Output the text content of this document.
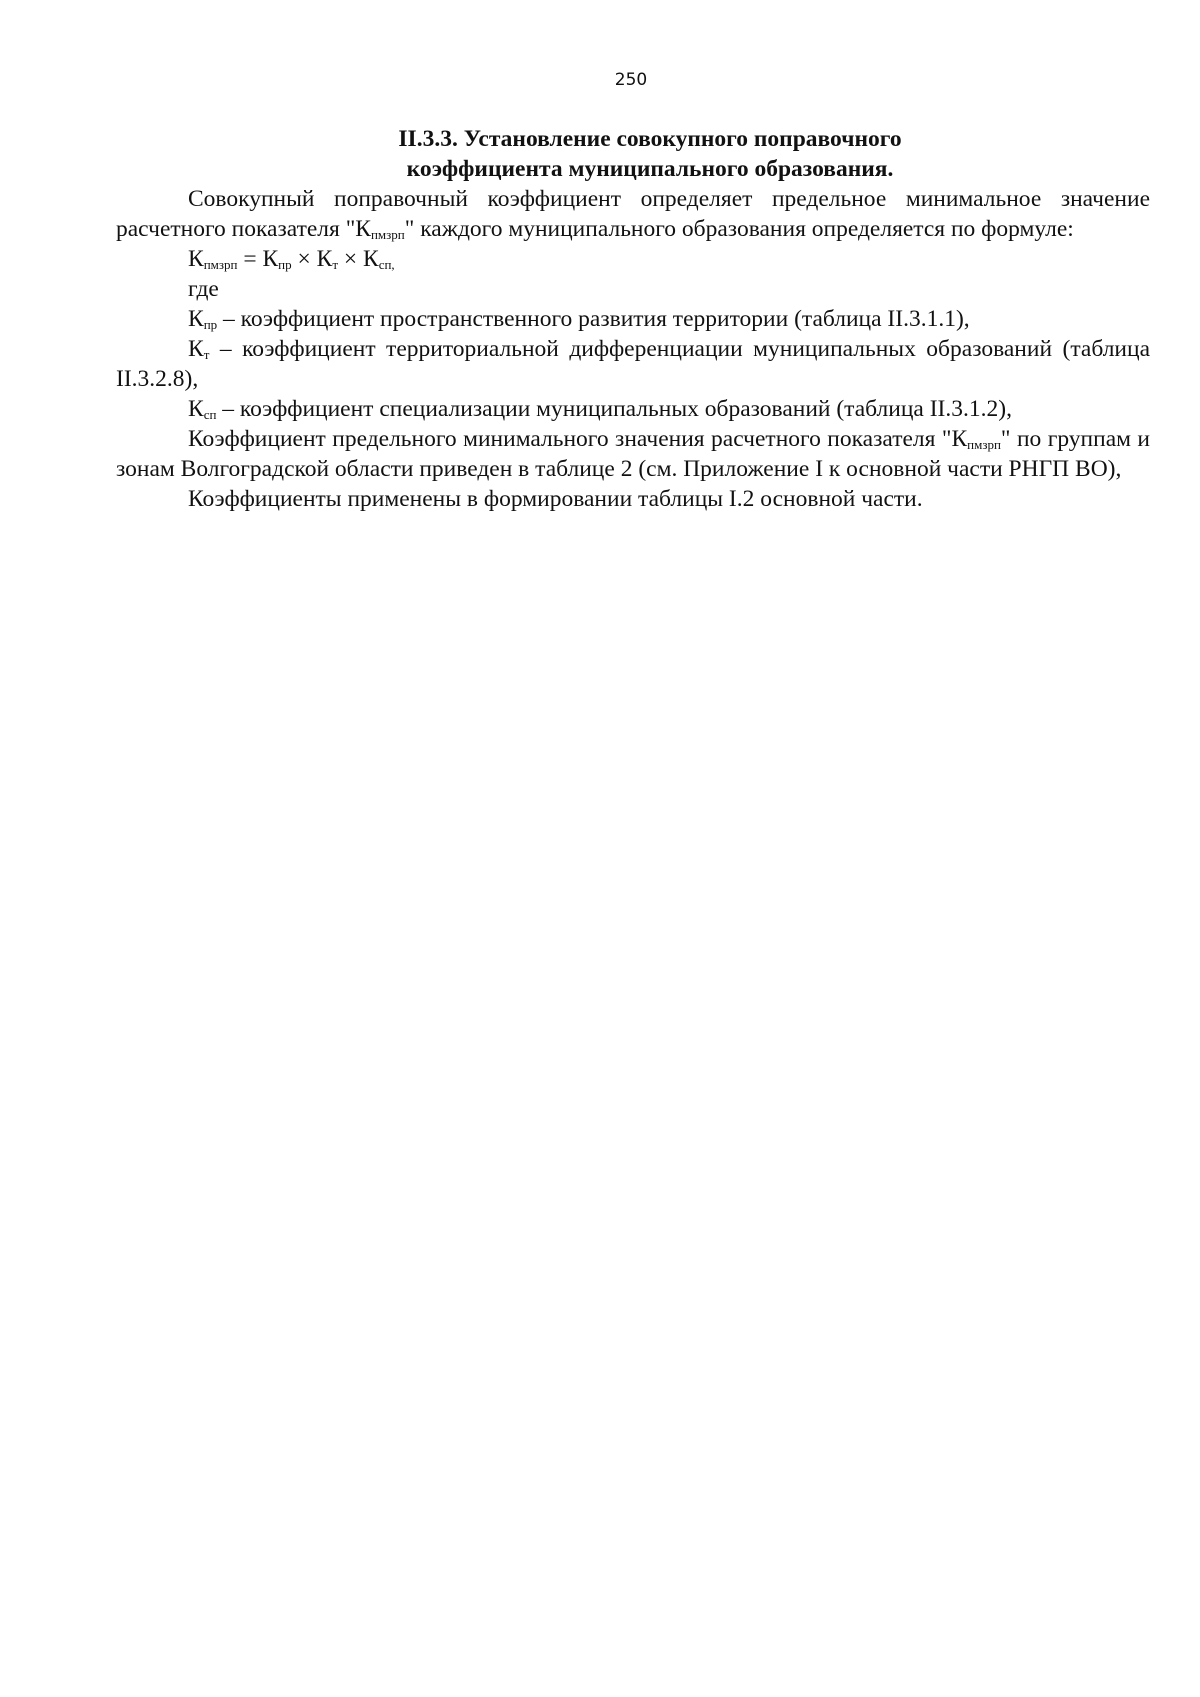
250
II.3.3. Установление совокупного поправочного
коэффициента муниципального образования.

Совокупный поправочный коэффициент определяет предельное минимальное значение расчетного показателя "$К_{пмзрп}$" каждого муниципального образования определяется по формуле:

$К_{пмзрп} = К_{пр} \times К_т \times К_{сп,}$
где

$К_{пр}$ – коэффициент пространственного развития территории (таблица II.3.1.1),

$К_т$ – коэффициент территориальной дифференциации муниципальных образований (таблица II.3.2.8),

$К_{сп}$ – коэффициент специализации муниципальных образований (таблица II.3.1.2),

Коэффициент предельного минимального значения расчетного показателя "$К_{пмзрп}$" по группам и зонам Волгоградской области приведен в таблице 2 (см. Приложение I к основной части РНГП ВО),

Коэффициенты применены в формировании таблицы I.2 основной части.
